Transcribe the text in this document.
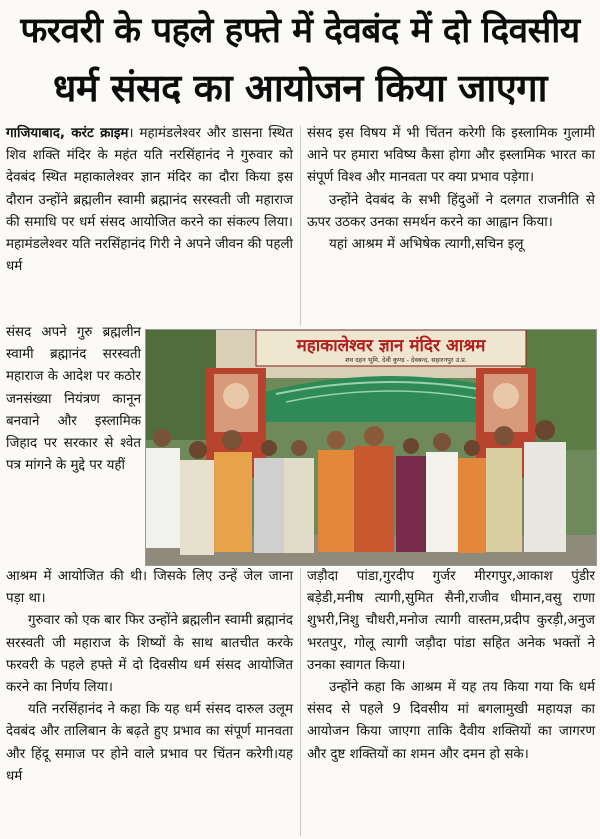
फरवरी के पहले हफ्ते में देवबंद में दो दिवसीय
धर्म संसद का आयोजन किया जाएगा

गाजियाबाद, करंट क्राइम। महामंडलेश्वर और डासना स्थित शिव शक्ति मंदिर के महंत यति नरसिंहानंद ने गुरुवार को देवबंद स्थित महाकालेश्वर ज्ञान मंदिर का दौरा किया इस दौरान उन्होंने ब्रह्मलीन स्वामी ब्रह्मानंद सरस्वती जी महाराज की समाधि पर धर्म संसद आयोजित करने का संकल्प लिया।महामंडलेश्वर यति नरसिंहानंद गिरी ने अपने जीवन की पहली धर्म

संसद इस विषय में भी चिंतन करेगी कि इस्लामिक गुलामी आने पर हमारा भविष्य कैसा होगा और इस्लामिक भारत का संपूर्ण विश्व और मानवता पर क्या प्रभाव पड़ेगा।

उन्होंने देवबंद के सभी हिंदुओं ने दलगत राजनीति से ऊपर उठकर उनका समर्थन करने का आह्वान किया।

यहां आश्रम में अभिषेक त्यागी,सचिन इलू

संसद अपने गुरु ब्रह्मलीन स्वामी ब्रह्मानंद सरस्वती महाराज के आदेश पर कठोर जनसंख्या नियंत्रण कानून बनवाने और इस्लामिक जिहाद पर सरकार से श्वेत पत्र मांगने के मुद्दे पर यहीं

महाकालेश्वर ज्ञान मंदिर आश्रम
शव दहन भूमि, देवी कुण्ड - देवबन्द, सहारनपुर उ.प्र.

आश्रम में आयोजित की थी। जिसके लिए उन्हें जेल जाना पड़ा था।

गुरुवार को एक बार फिर उन्होंने ब्रह्मलीन स्वामी ब्रह्मानंद सरस्वती जी महाराज के शिष्यों के साथ बातचीत करके फरवरी के पहले हफ्ते में दो दिवसीय धर्म संसद आयोजित करने का निर्णय लिया।

यति नरसिंहानंद ने कहा कि यह धर्म संसद दारुल उलूम देवबंद और तालिबान के बढ़ते हुए प्रभाव का संपूर्ण मानवता और हिंदू समाज पर होने वाले प्रभाव पर चिंतन करेगी।यह धर्म

जड़ौदा पांडा,गुरदीप गुर्जर मीरगपुर,आकाश पुंडीर बड़ेडी,मनीष त्यागी,सुमित सैनी,राजीव धीमान,वसु राणा शुभरी,निशु चौधरी,मनोज त्यागी वास्तम,प्रदीप कुरड़ी,अनुज भरतपुर, गोलू त्यागी जड़ौदा पांडा सहित अनेक भक्तों ने उनका स्वागत किया।

उन्होंने कहा कि आश्रम में यह तय किया गया कि धर्म संसद से पहले 9 दिवसीय मां बगलामुखी महायज्ञ का आयोजन किया जाएगा ताकि दैवीय शक्तियों का जागरण और दुष्ट शक्तियों का शमन और दमन हो सके।
